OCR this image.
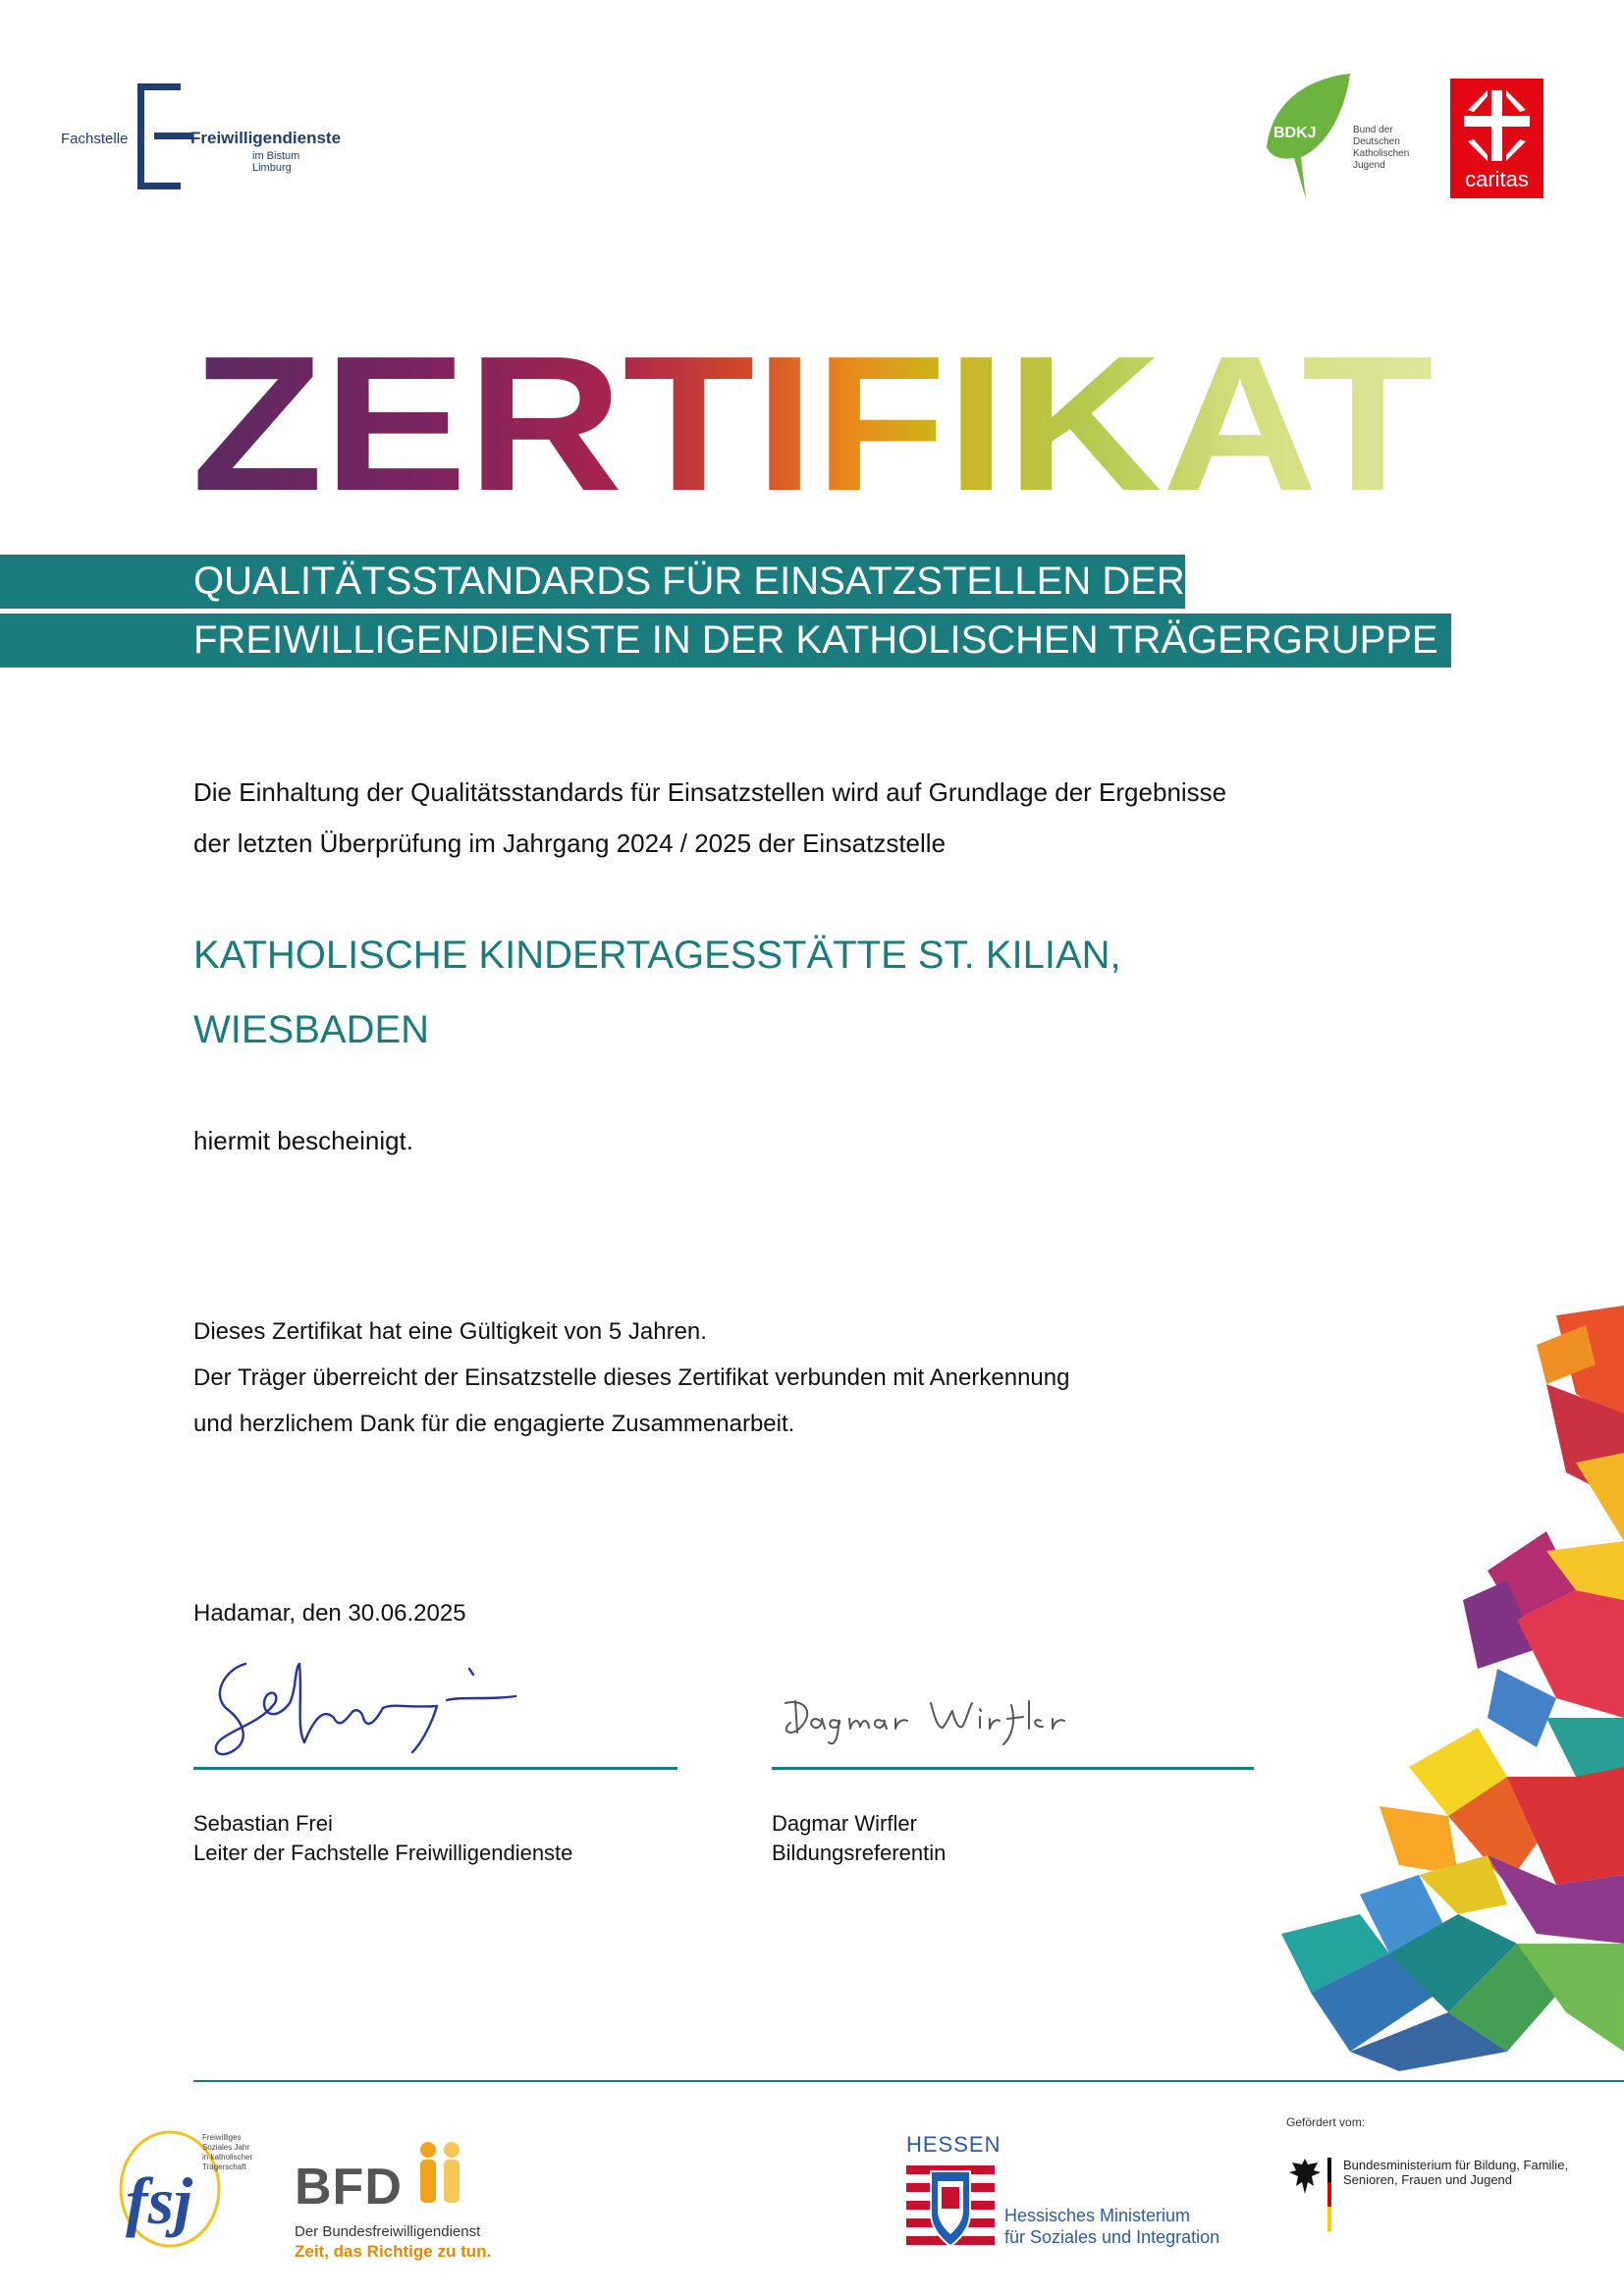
Fachstelle	Freiwilligendienste
im Bistum Limburg
BDKJ	Bund der Deutschen Katholischen Jugend
caritas
ZERTIFIKAT
QUALITÄTSSTANDARDS FÜR EINSATZSTELLEN DER
FREIWILLIGENDIENSTE IN DER KATHOLISCHEN TRÄGERGRUPPE
Die Einhaltung der Qualitätsstandards für Einsatzstellen wird auf Grundlage der Ergebnisse
der letzten Überprüfung im Jahrgang 2024 / 2025 der Einsatzstelle
KATHOLISCHE KINDERTAGESSTÄTTE ST. KILIAN,
WIESBADEN
hiermit bescheinigt.
Dieses Zertifikat hat eine Gültigkeit von 5 Jahren.
Der Träger überreicht der Einsatzstelle dieses Zertifikat verbunden mit Anerkennung
und herzlichem Dank für die engagierte Zusammenarbeit.
Hadamar, den 30.06.2025
Sebastian Frei
Leiter der Fachstelle Freiwilligendienste
Dagmar Wirfler
Bildungsreferentin
fsj
Freiwilliges
Soziales Jahr
in katholischer
Trägerschaft BFD
Der Bundesfreiwilligendienst
Zeit, das Richtige zu tun.
HESSEN
Hessisches Ministerium
für Soziales und Integration
Gefördert vom:
Bundesministerium für Bildung, Familie, Senioren, Frauen und Jugend
